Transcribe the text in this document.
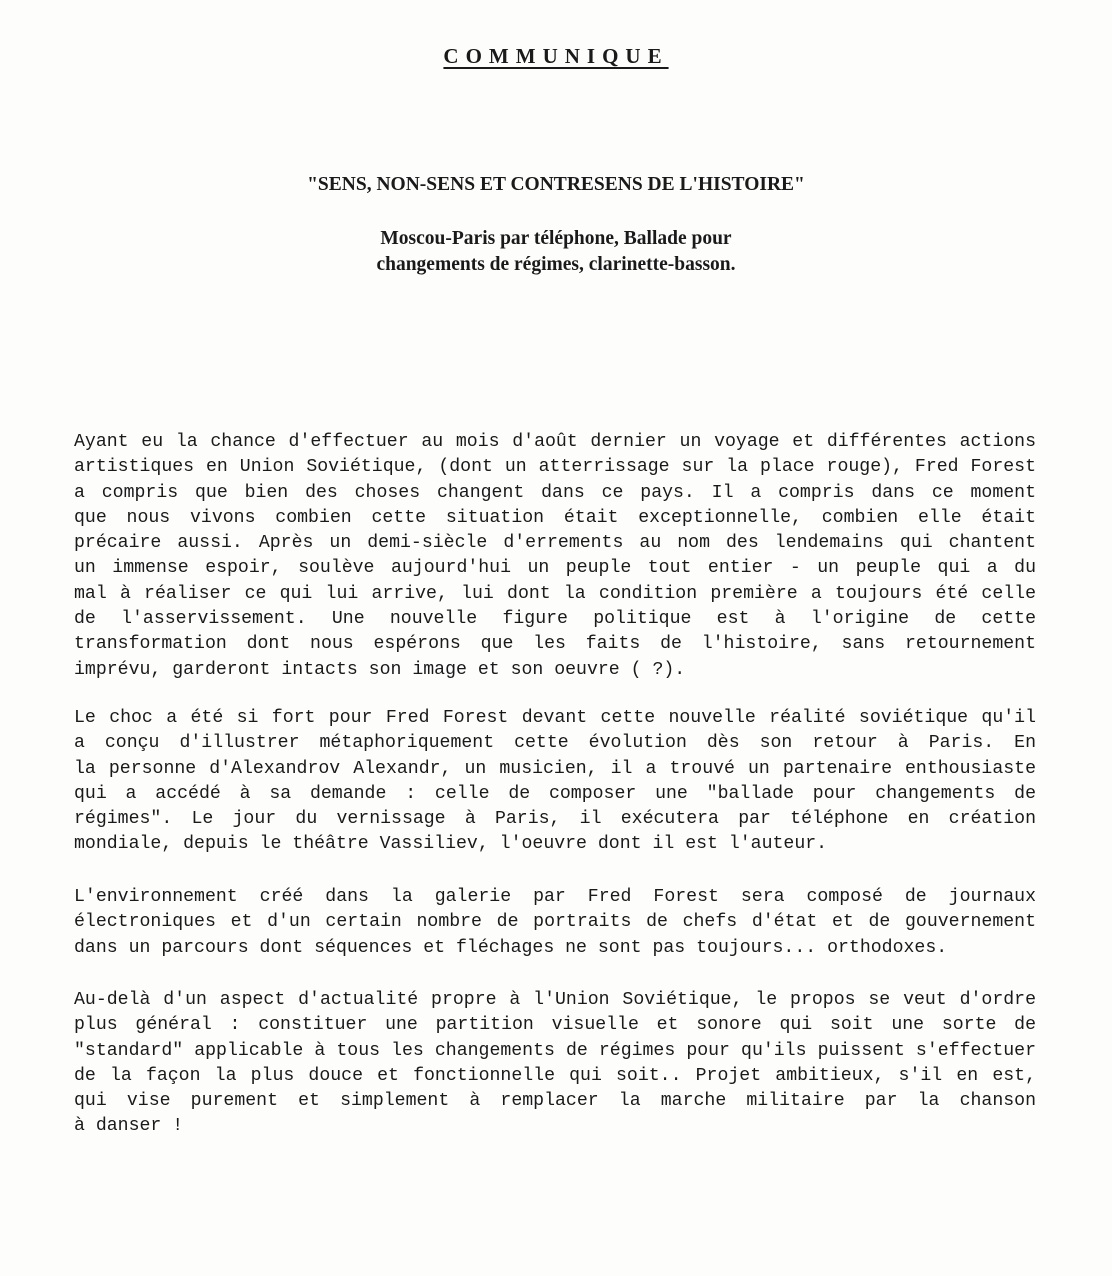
COMMUNIQUE
"SENS, NON-SENS ET CONTRESENS DE L'HISTOIRE"
Moscou-Paris par téléphone, Ballade pour
changements de régimes, clarinette-basson.
Ayant eu la chance d'effectuer au mois d'août dernier un voyage et différentes actions
artistiques en Union Soviétique, (dont un atterrissage sur la place rouge), Fred Forest
a compris que bien des choses changent dans ce pays. Il a compris dans ce moment
que nous vivons combien cette situation était exceptionnelle, combien elle était
précaire aussi. Après un demi-siècle d'errements au nom des lendemains qui chantent
un immense espoir, soulève aujourd'hui un peuple tout entier - un peuple qui a du
mal à réaliser ce qui lui arrive, lui dont la condition première a toujours été celle
de l'asservissement. Une nouvelle figure politique est à l'origine de cette
transformation dont nous espérons que les faits de l'histoire, sans retournement
imprévu, garderont intacts son image et son oeuvre ( ?).
Le choc a été si fort pour Fred Forest devant cette nouvelle réalité soviétique qu'il
a conçu d'illustrer métaphoriquement cette évolution dès son retour à Paris. En
la personne d'Alexandrov Alexandr, un musicien, il a trouvé un partenaire enthousiaste
qui a accédé à sa demande : celle de composer une "ballade pour changements de
régimes". Le jour du vernissage à Paris, il exécutera par téléphone en création
mondiale, depuis le théâtre Vassiliev, l'oeuvre dont il est l'auteur.
L'environnement créé dans la galerie par Fred Forest sera composé de journaux
électroniques et d'un certain nombre de portraits de chefs d'état et de gouvernement
dans un parcours dont séquences et fléchages ne sont pas toujours... orthodoxes.
Au-delà d'un aspect d'actualité propre à l'Union Soviétique, le propos se veut d'ordre
plus général : constituer une partition visuelle et sonore qui soit une sorte de
"standard" applicable à tous les changements de régimes pour qu'ils puissent s'effectuer
de la façon la plus douce et fonctionnelle qui soit.. Projet ambitieux, s'il en est,
qui vise purement et simplement à remplacer la marche militaire par la chanson
à danser !
